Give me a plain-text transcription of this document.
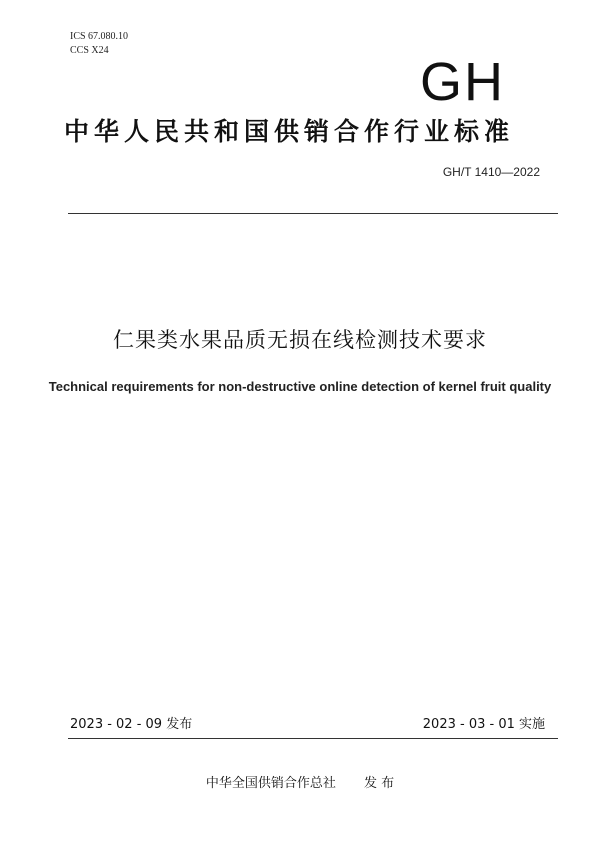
ICS 67.080.10
CCS X24
GH
中华人民共和国供销合作行业标准
GH/T 1410—2022
仁果类水果品质无损在线检测技术要求
Technical requirements for non-destructive online detection of kernel fruit quality
2023 - 02 - 09 发布	2023 - 03 - 01 实施
中华全国供销合作总社 发 布
